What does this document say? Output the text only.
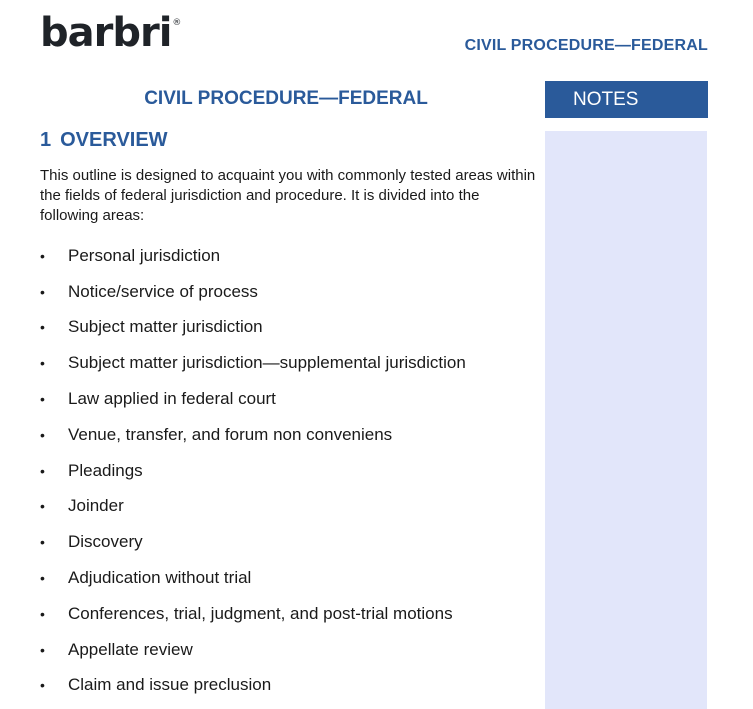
barbri®
CIVIL PROCEDURE—FEDERAL
CIVIL PROCEDURE—FEDERAL	NOTES
1 OVERVIEW
This outline is designed to acquaint you with commonly tested areas within the fields of federal jurisdiction and procedure. It is divided into the following areas:
•	Personal jurisdiction
•	Notice/service of process
•	Subject matter jurisdiction
•	Subject matter jurisdiction—supplemental jurisdiction
•	Law applied in federal court
•	Venue, transfer, and forum non conveniens
•	Pleadings
•	Joinder
•	Discovery
•	Adjudication without trial
•	Conferences, trial, judgment, and post-trial motions
•	Appellate review
•	Claim and issue preclusion
